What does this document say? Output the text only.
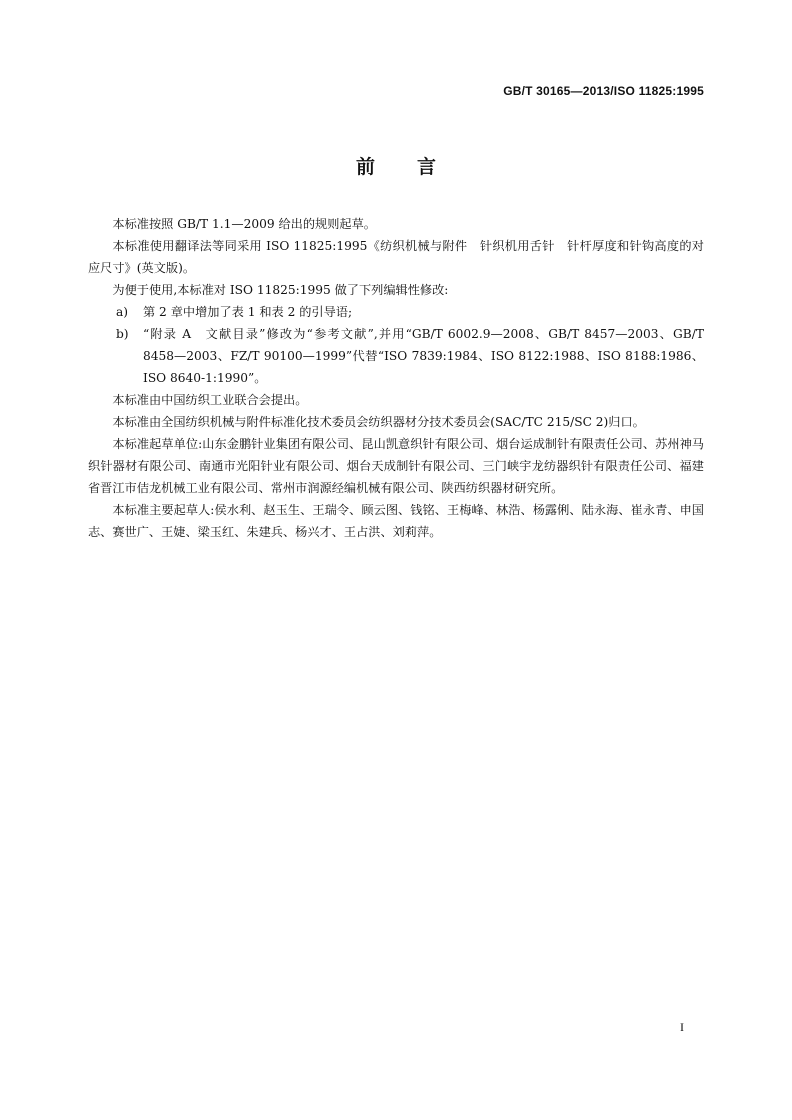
GB/T 30165—2013/ISO 11825:1995
前 言

本标准按照 GB/T 1.1—2009 给出的规则起草。

本标准使用翻译法等同采用 ISO 11825:1995《纺织机械与附件　针织机用舌针　针杆厚度和针钩高度的对应尺寸》(英文版)。

为便于使用,本标准对 ISO 11825:1995 做了下列编辑性修改:

a) 第 2 章中增加了表 1 和表 2 的引导语;
b) “附录 A　文献目录”修改为“参考文献”,并用“GB/T 6002.9—2008、GB/T 8457—2003、GB/T 8458—2003、FZ/T 90100—1999”代替“ISO 7839:1984、ISO 8122:1988、ISO 8188:1986、ISO 8640-1:1990”。

本标准由中国纺织工业联合会提出。

本标准由全国纺织机械与附件标准化技术委员会纺织器材分技术委员会(SAC/TC 215/SC 2)归口。

本标准起草单位:山东金鹏针业集团有限公司、昆山凯意织针有限公司、烟台运成制针有限责任公司、苏州神马织针器材有限公司、南通市光阳针业有限公司、烟台天成制针有限公司、三门峡宇龙纺器织针有限责任公司、福建省晋江市佶龙机械工业有限公司、常州市润源经编机械有限公司、陕西纺织器材研究所。

本标准主要起草人:侯水利、赵玉生、王瑞令、顾云图、钱铭、王梅峰、林浩、杨露俐、陆永海、崔永青、申国志、赛世广、王婕、梁玉红、朱建兵、杨兴才、王占洪、刘莉萍。

I
